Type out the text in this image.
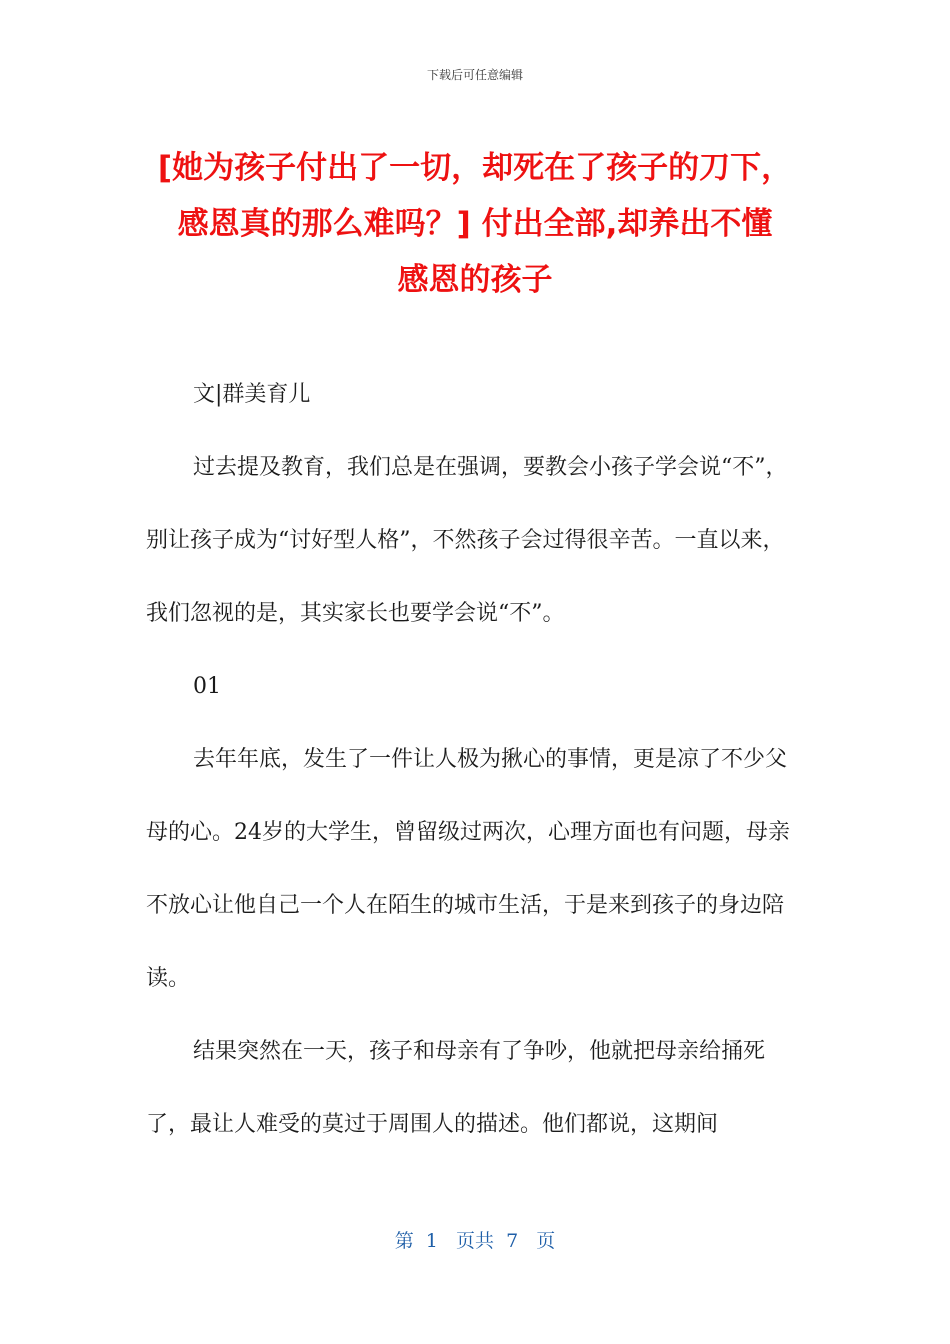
下载后可任意编辑
[她为孩子付出了一切，却死在了孩子的刀下，
感恩真的那么难吗？] 付出全部,却养出不懂
感恩的孩子

文|群美育儿

过去提及教育，我们总是在强调，要教会小孩子学会说“不”，别让孩子成为“讨好型人格”，不然孩子会过得很辛苦。一直以来，我们忽视的是，其实家长也要学会说“不”。

01

去年年底，发生了一件让人极为揪心的事情，更是凉了不少父母的心。24岁的大学生，曾留级过两次，心理方面也有问题，母亲不放心让他自己一个人在陌生的城市生活，于是来到孩子的身边陪读。

结果突然在一天，孩子和母亲有了争吵，他就把母亲给捅死了，最让人难受的莫过于周围人的描述。他们都说，这期间

第  1   页共  7   页
